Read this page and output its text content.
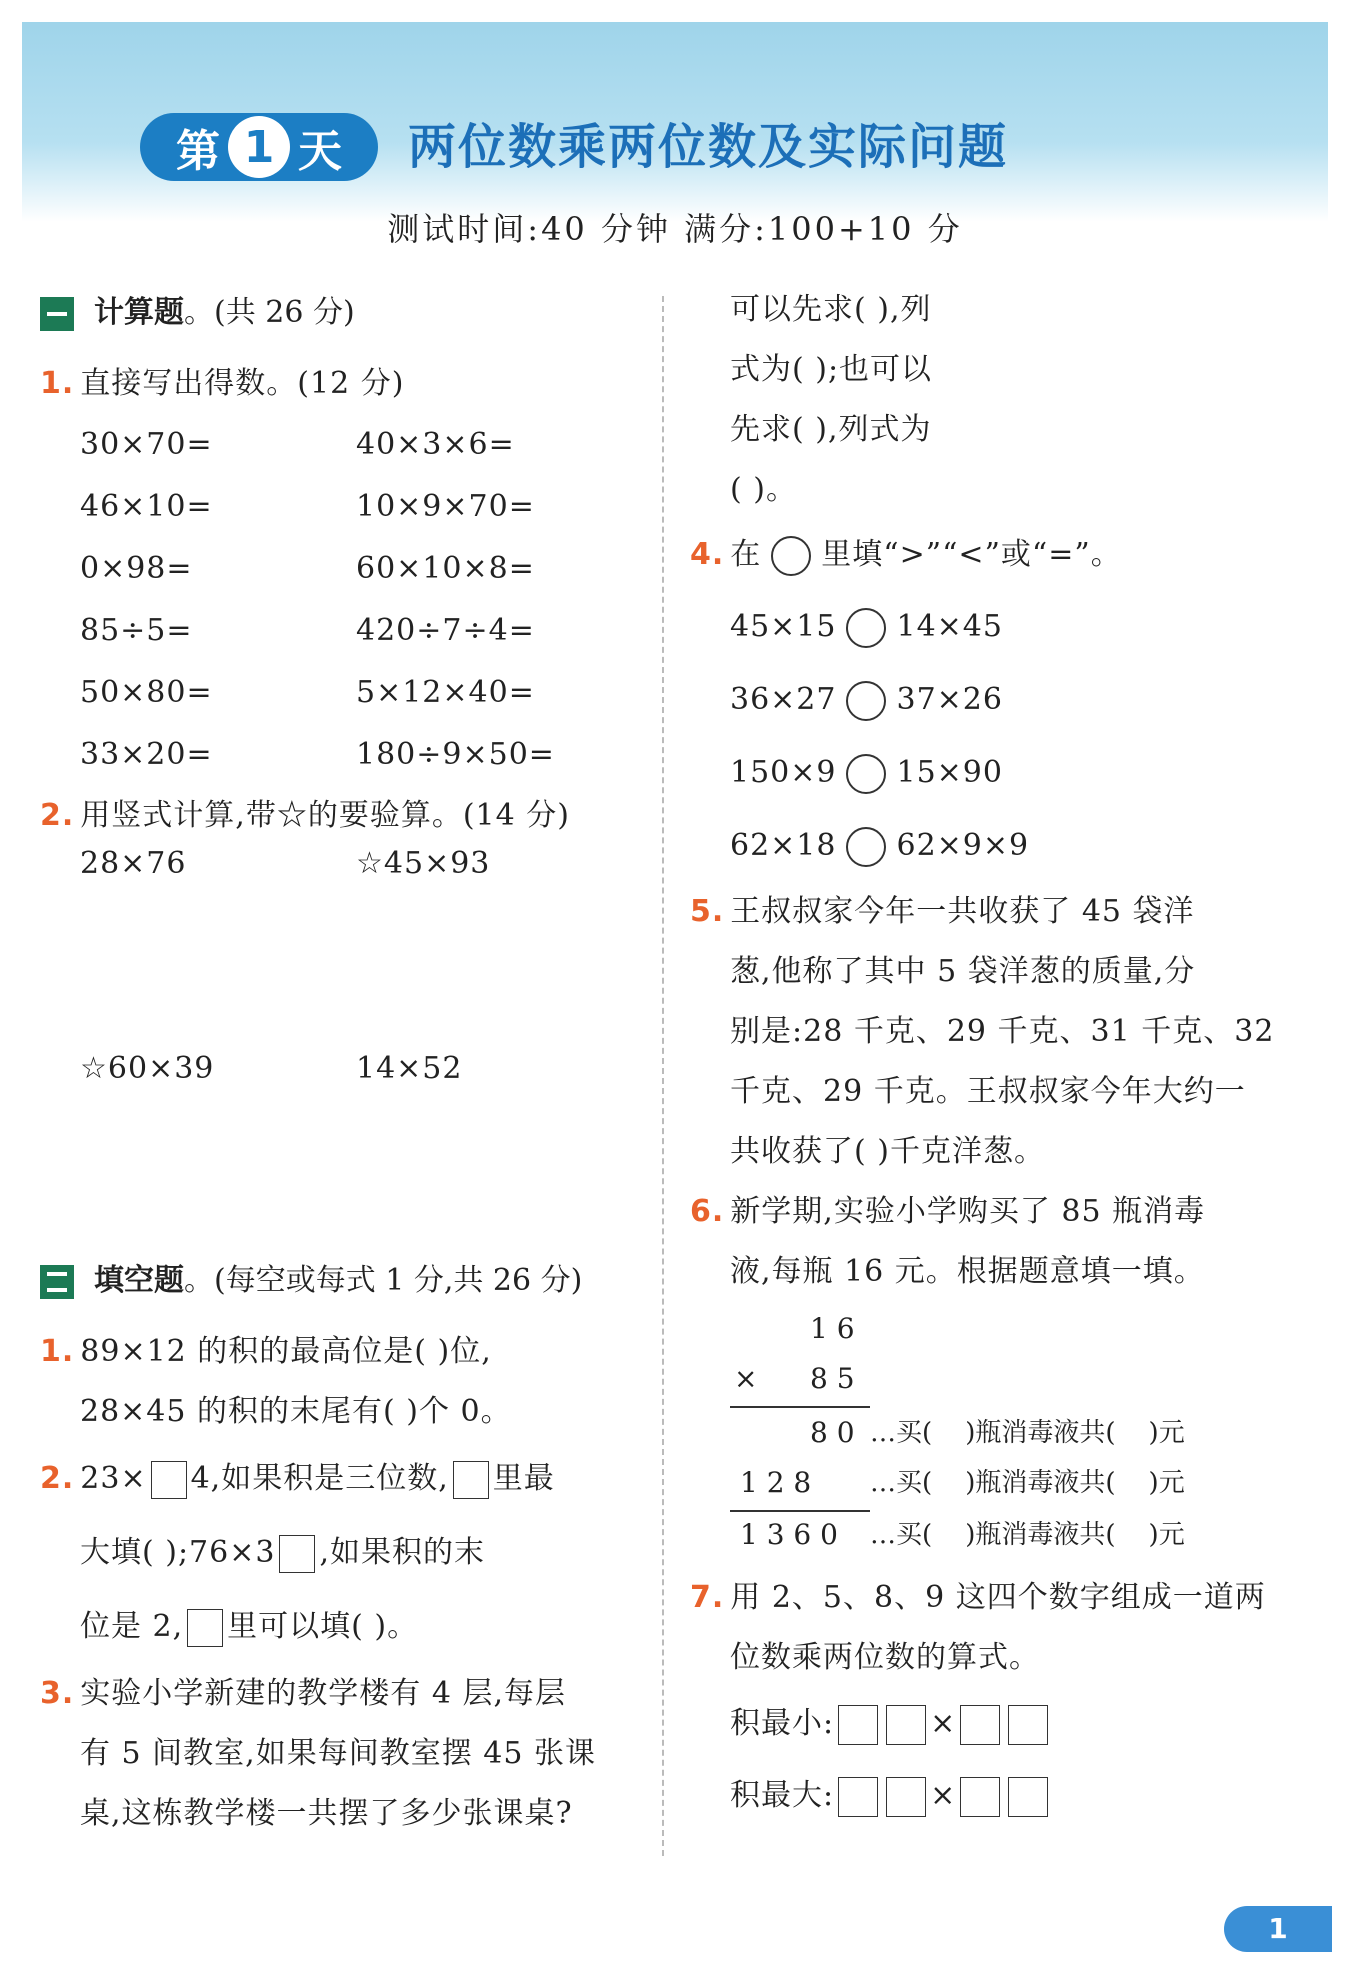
第 1 天 两位数乘两位数及实际问题
测试时间:40 分钟 满分:100+10 分
计算题。(共 26 分)
1. 直接写出得数。(12 分)
30×70=	40×3×6=
46×10=	10×9×70=
0×98=	60×10×8=
85÷5=	420÷7÷4=
50×80=	5×12×40=
33×20=	180÷9×50=
2. 用竖式计算,带☆的要验算。(14 分)
28×76	☆45×93
☆60×39	14×52
填空题。(每空或每式 1 分,共 26 分)
1. 89×12 的积的最高位是( )位,
28×45 的积的末尾有( )个 0。
2. 23× 4,如果积是三位数, 里最
大填( );76×3 ,如果积的末
位是 2, 里可以填( )。
3. 实验小学新建的教学楼有 4 层,每层
有 5 间教室,如果每间教室摆 45 张课
桌,这栋教学楼一共摆了多少张课桌?
可以先求( ),列
式为( );也可以
先求( ),列式为
( )。
4. 在 里填“>”“<”或“=”。
45×15 14×45
36×27 37×26
150×9 15×90
62×18 62×9×9
5. 王叔叔家今年一共收获了 45 袋洋
葱,他称了其中 5 袋洋葱的质量,分
别是:28 千克、29 千克、31 千克、32
千克、29 千克。王叔叔家今年大约一
共收获了( )千克洋葱。
6. 新学期,实验小学购买了 85 瓶消毒
液,每瓶 16 元。根据题意填一填。
1 6
× 8 5
8 0 …买(    )瓶消毒液共(    )元
1 2 8 …买(    )瓶消毒液共(    )元
1 3 6 0 …买(    )瓶消毒液共(    )元
7. 用 2、5、8、9 这四个数字组成一道两
位数乘两位数的算式。
积最小:	×
积最大:	×
1
